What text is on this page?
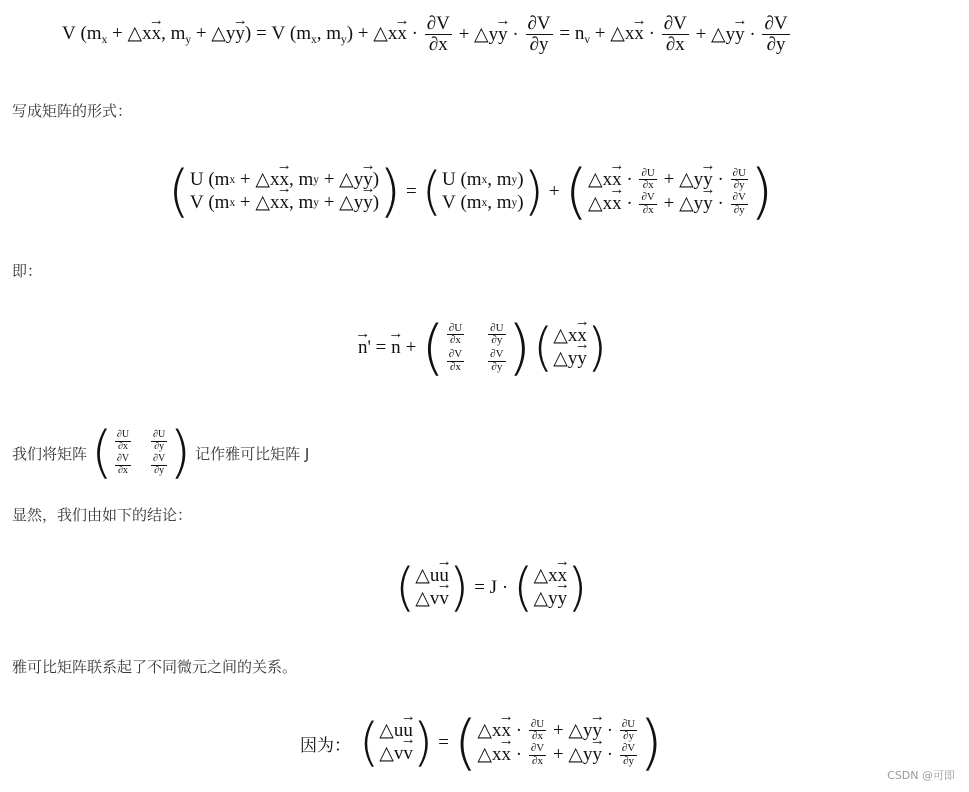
V ($m_x$ + △x→ x, $m_y$ + △y→ y) = V ($m_x$, $m_y$) + △x→ $x \cdot \frac{\partial V}{\partial x}$ + △y→ $y \cdot \frac{\partial V}{\partial y} = n_v$ + △x→ $x \cdot \frac{\partial V}{\partial x}$ + △y→ $y \cdot \frac{\partial V}{\partial y}$
写成矩阵的形式：
( U (m x + △x → x , m y + △y → y )
V (m x + △x → x , m y + △y → y ) ) = ( U (m x , m y )
V (m x , m y ) ) + ( △x → $x \cdot \frac{\partial U}{\partial x}$ + △y → $y \cdot \frac{\partial U}{\partial y}$
△x → $x \cdot \frac{\partial V}{\partial x}$ + △y → $y \cdot \frac{\partial V}{\partial y}$ )
即：
→ n' = → n + ( $\frac{\partial U}{\partial x} \frac{\partial U}{\partial y}$
$\frac{\partial V}{\partial x} \frac{\partial V}{\partial y}$ ) ( △x → x
△y → y )
我们将矩阵 ( $\frac{\partial U}{\partial x} \frac{\partial U}{\partial y}$
$\frac{\partial V}{\partial x} \frac{\partial V}{\partial y}$ ) 记作雅可比矩阵 J
显然，我们由如下的结论：
( △u → u
△v → v ) = J · ( △x → x
△y → y )
雅可比矩阵联系起了不同微元之间的关系。
因为： ( △u → u
△v → v ) = ( △x → $x \cdot \frac{\partial U}{\partial x}$ + △y → $y \cdot \frac{\partial U}{\partial y}$
△x → $x \cdot \frac{\partial V}{\partial x}$ + △y → $y \cdot \frac{\partial V}{\partial y}$ )	CSDN @可即
